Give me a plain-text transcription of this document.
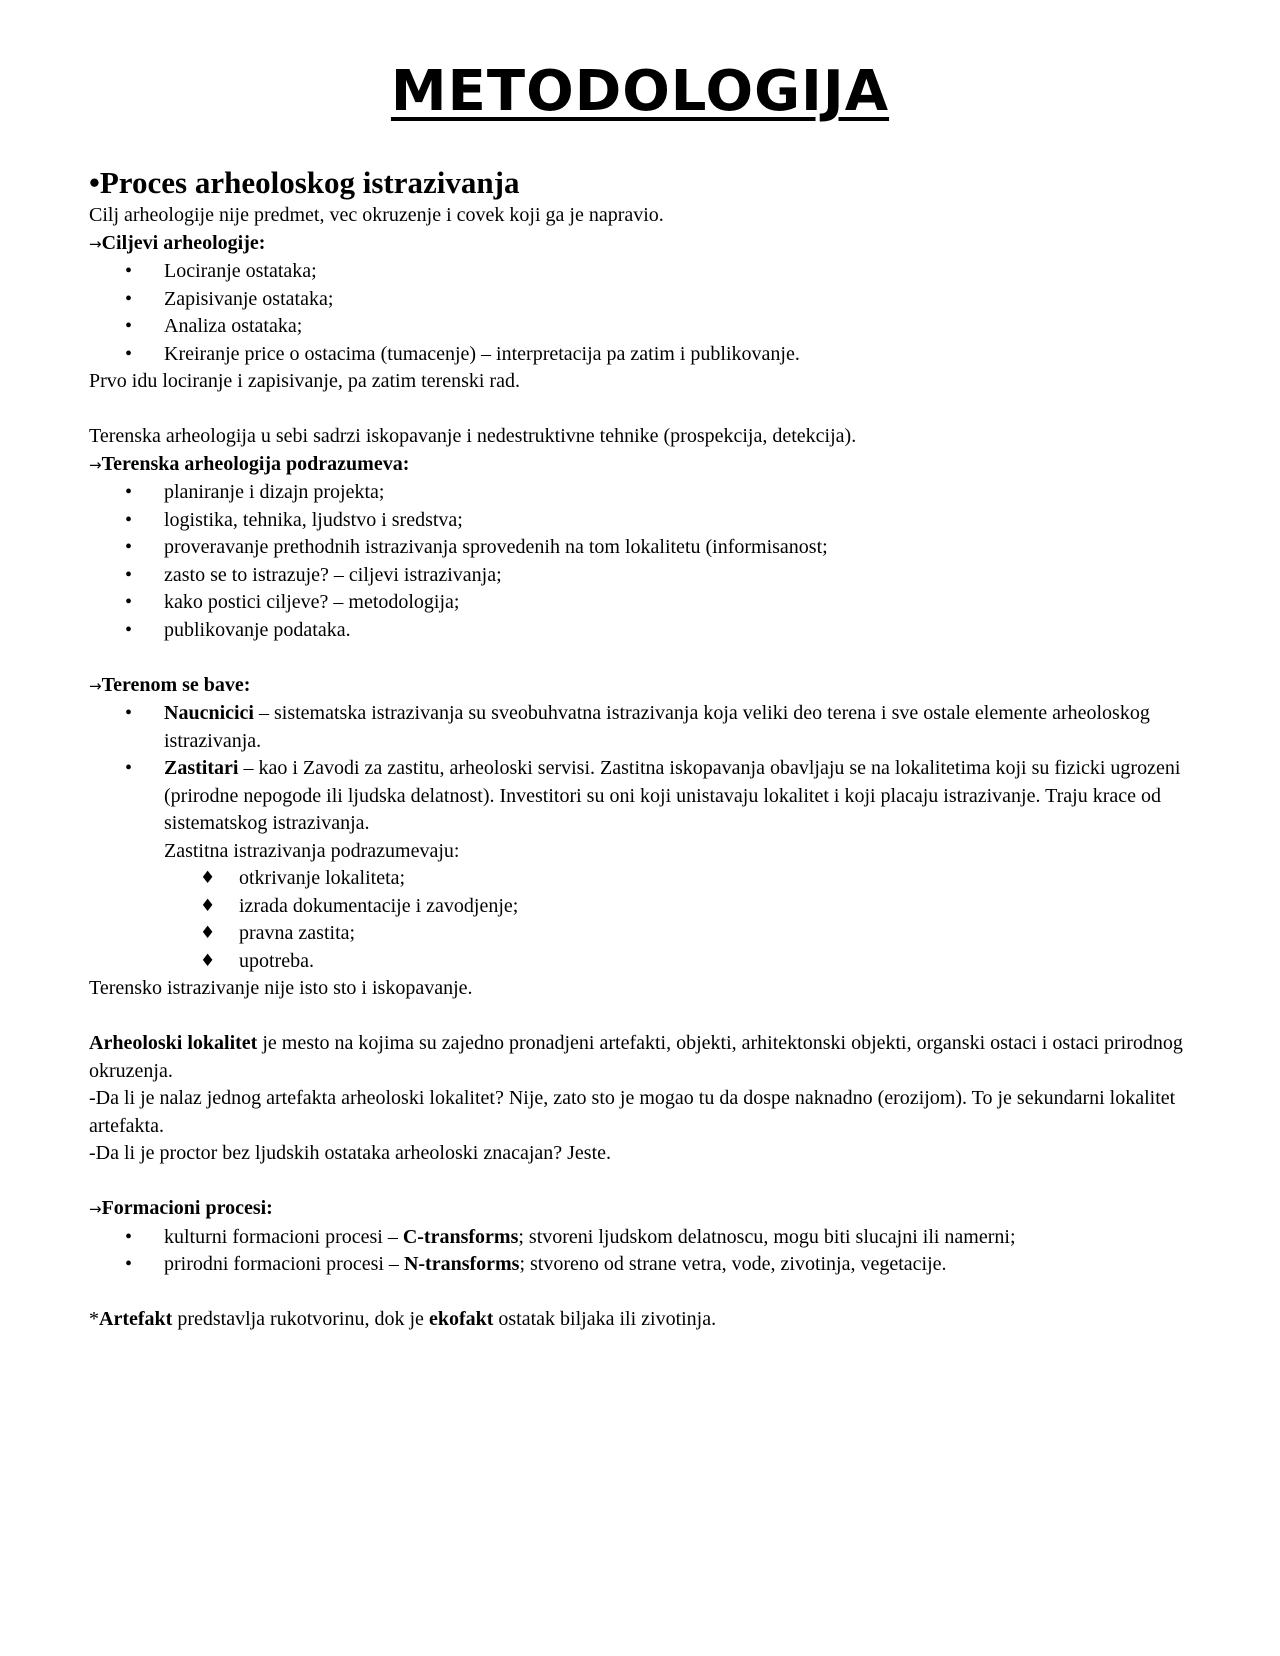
METODOLOGIJA

•Proces arheoloskog istrazivanja

Cilj arheologije nije predmet, vec okruzenje i covek koji ga je napravio.

→Ciljevi arheologije:

• Lociranje ostataka;
• Zapisivanje ostataka;
• Analiza ostataka;
• Kreiranje price o ostacima (tumacenje) – interpretacija pa zatim i publikovanje.

Prvo idu lociranje i zapisivanje, pa zatim terenski rad.

Terenska arheologija u sebi sadrzi iskopavanje i nedestruktivne tehnike (prospekcija, detekcija).

→Terenska arheologija podrazumeva:

• planiranje i dizajn projekta;
• logistika, tehnika, ljudstvo i sredstva;
• proveravanje prethodnih istrazivanja sprovedenih na tom lokalitetu (informisanost;
• zasto se to istrazuje? – ciljevi istrazivanja;
• kako postici ciljeve? – metodologija;
• publikovanje podataka.

→Terenom se bave:

• Naucnicici – sistematska istrazivanja su sveobuhvatna istrazivanja koja veliki deo terena i sve ostale elemente arheoloskog istrazivanja.
• Zastitari – kao i Zavodi za zastitu, arheoloski servisi. Zastitna iskopavanja obavljaju se na lokalitetima koji su fizicki ugrozeni (prirodne nepogode ili ljudska delatnost). Investitori su oni koji unistavaju lokalitet i koji placaju istrazivanje. Traju krace od sistematskog istrazivanja.
Zastitna istrazivanja podrazumevaju:
♦ otkrivanje lokaliteta;
♦ izrada dokumentacije i zavodjenje;
♦ pravna zastita;
♦ upotreba.

Terensko istrazivanje nije isto sto i iskopavanje.

Arheoloski lokalitet je mesto na kojima su zajedno pronadjeni artefakti, objekti, arhitektonski objekti, organski ostaci i ostaci prirodnog okruzenja.

-Da li je nalaz jednog artefakta arheoloski lokalitet? Nije, zato sto je mogao tu da dospe naknadno (erozijom). To je sekundarni lokalitet artefakta.

-Da li je proctor bez ljudskih ostataka arheoloski znacajan? Jeste.

→Formacioni procesi:

• kulturni formacioni procesi – C-transforms; stvoreni ljudskom delatnoscu, mogu biti slucajni ili namerni;
• prirodni formacioni procesi – N-transforms; stvoreno od strane vetra, vode, zivotinja, vegetacije.

*Artefakt predstavlja rukotvorinu, dok je ekofakt ostatak biljaka ili zivotinja.
